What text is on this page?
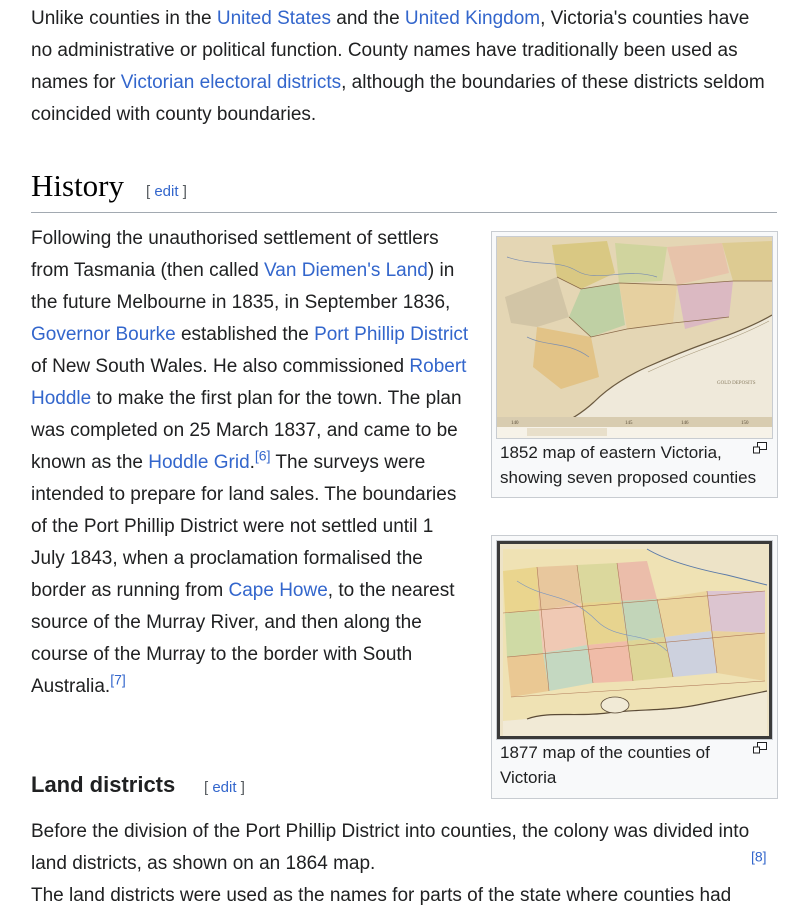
Unlike counties in the United States and the United Kingdom, Victoria's counties have no administrative or political function. County names have traditionally been used as names for Victorian electoral districts, although the boundaries of these districts seldom coincided with county boundaries.

History [ edit ]

Following the unauthorised settlement of settlers from Tasmania (then called Van Diemen's Land) in the future Melbourne in 1835, in September 1836, Governor Bourke established the Port Phillip District of New South Wales. He also commissioned Robert Hoddle to make the first plan for the town. The plan was completed on 25 March 1837, and came to be known as the Hoddle Grid.[6] The surveys were intended to prepare for land sales. The boundaries of the Port Phillip District were not settled until 1 July 1843, when a proclamation formalised the border as running from Cape Howe, to the nearest source of the Murray River, and then along the course of the Murray to the border with South Australia.[7]

GOLD DEPOSITS
140	145	146	150
1852 map of eastern Victoria, showing seven proposed counties
1877 map of the counties of Victoria
Land districts [ edit ]

Before the division of the Port Phillip District into counties, the colony was divided into land districts, as shown on an 1864 map.	[8] The land districts were used as the names for parts of the state where counties had
